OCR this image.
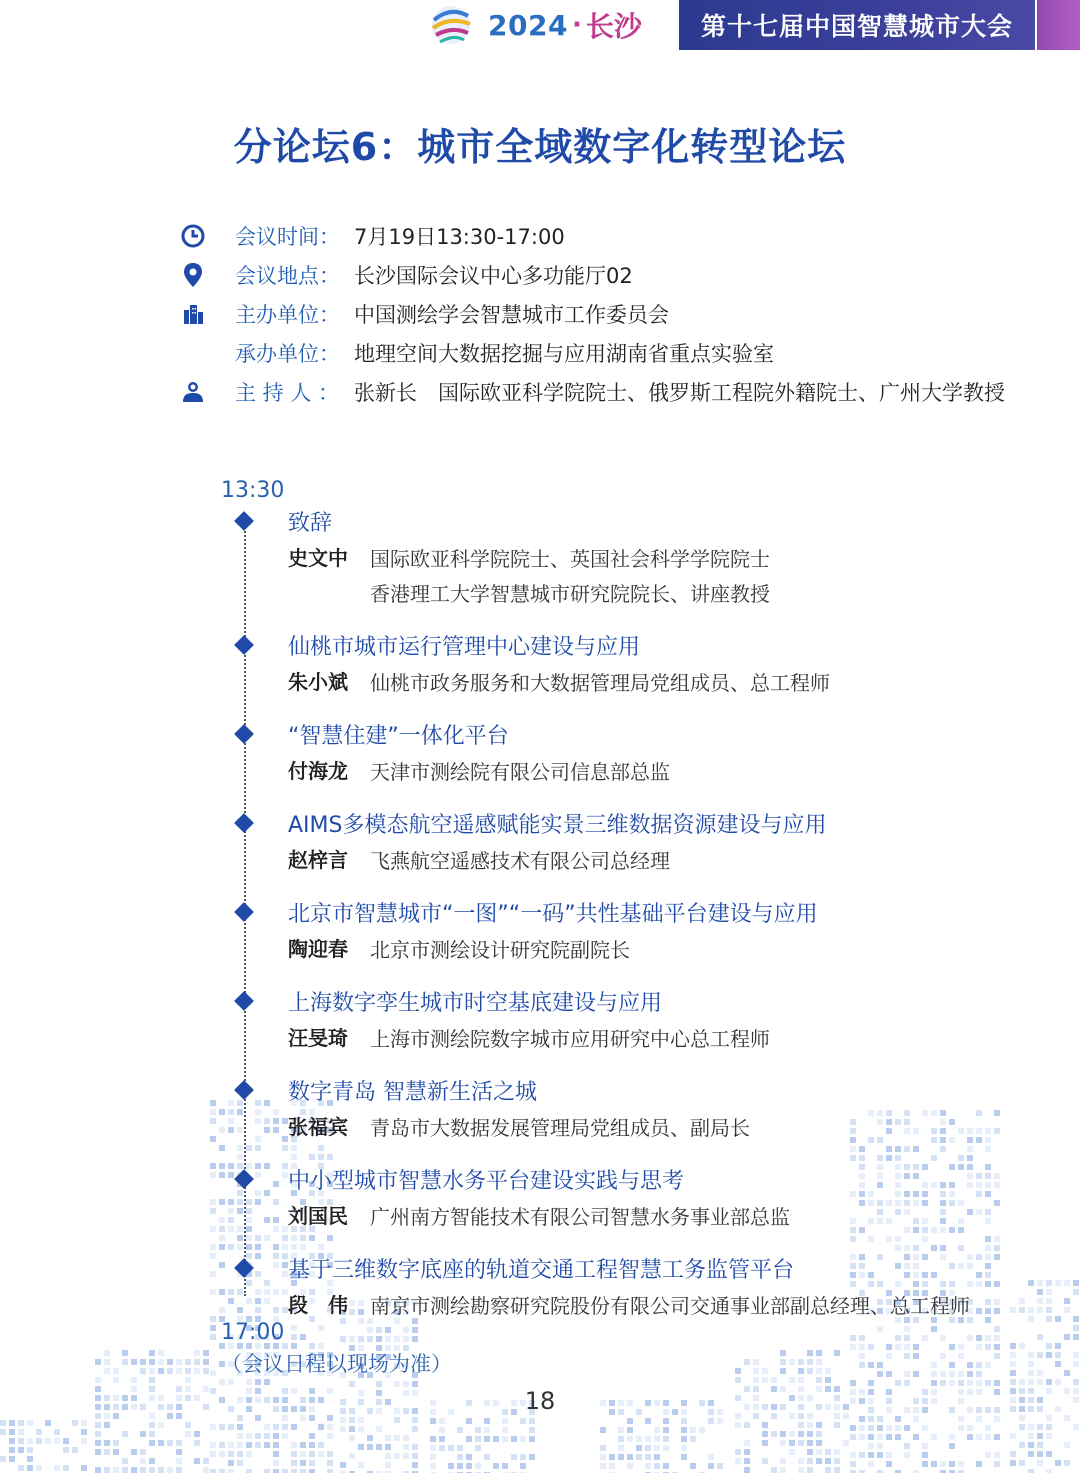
2024 · 长沙 第十七届中国智慧城市大会
分论坛6：城市全域数字化转型论坛
会议时间： 7月19日13:30-17:00
会议地点： 长沙国际会议中心多功能厅02
主办单位： 中国测绘学会智慧城市工作委员会
承办单位： 地理空间大数据挖掘与应用湖南省重点实验室
主 持 人 ： 张新长　国际欧亚科学院院士、俄罗斯工程院外籍院士、广州大学教授
13:30
致辞
史文中 国际欧亚科学院院士、英国社会科学学院院士
香港理工大学智慧城市研究院院长、讲座教授
仙桃市城市运行管理中心建设与应用
朱小斌 仙桃市政务服务和大数据管理局党组成员、总工程师
“智慧住建”一体化平台
付海龙 天津市测绘院有限公司信息部总监
AIMS多模态航空遥感赋能实景三维数据资源建设与应用
赵梓言 飞燕航空遥感技术有限公司总经理
北京市智慧城市“一图”“一码”共性基础平台建设与应用
陶迎春 北京市测绘设计研究院副院长
上海数字孪生城市时空基底建设与应用
汪旻琦 上海市测绘院数字城市应用研究中心总工程师
数字青岛 智慧新生活之城
张福宾 青岛市大数据发展管理局党组成员、副局长
中小型城市智慧水务平台建设实践与思考
刘国民 广州南方智能技术有限公司智慧水务事业部总监
基于三维数字底座的轨道交通工程智慧工务监管平台
段　伟 南京市测绘勘察研究院股份有限公司交通事业部副总经理、总工程师
17:00
（会议日程以现场为准）
18
